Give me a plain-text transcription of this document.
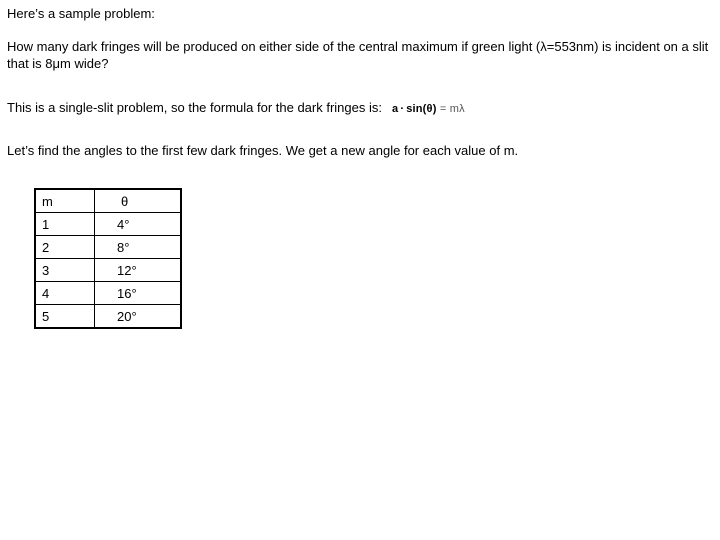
Here’s a sample problem:

How many dark fringes will be produced on either side of the central maximum if green light (λ=553nm) is incident on a slit that is 8μm wide?

This is a single-slit problem, so the formula for the dark fringes is: a · sin(θ) = mλ

Let’s find the angles to the first few dark fringes. We get a new angle for each value of m.

m	θ
1	4°
2	8°
3	12°
4	16°
5	20°
